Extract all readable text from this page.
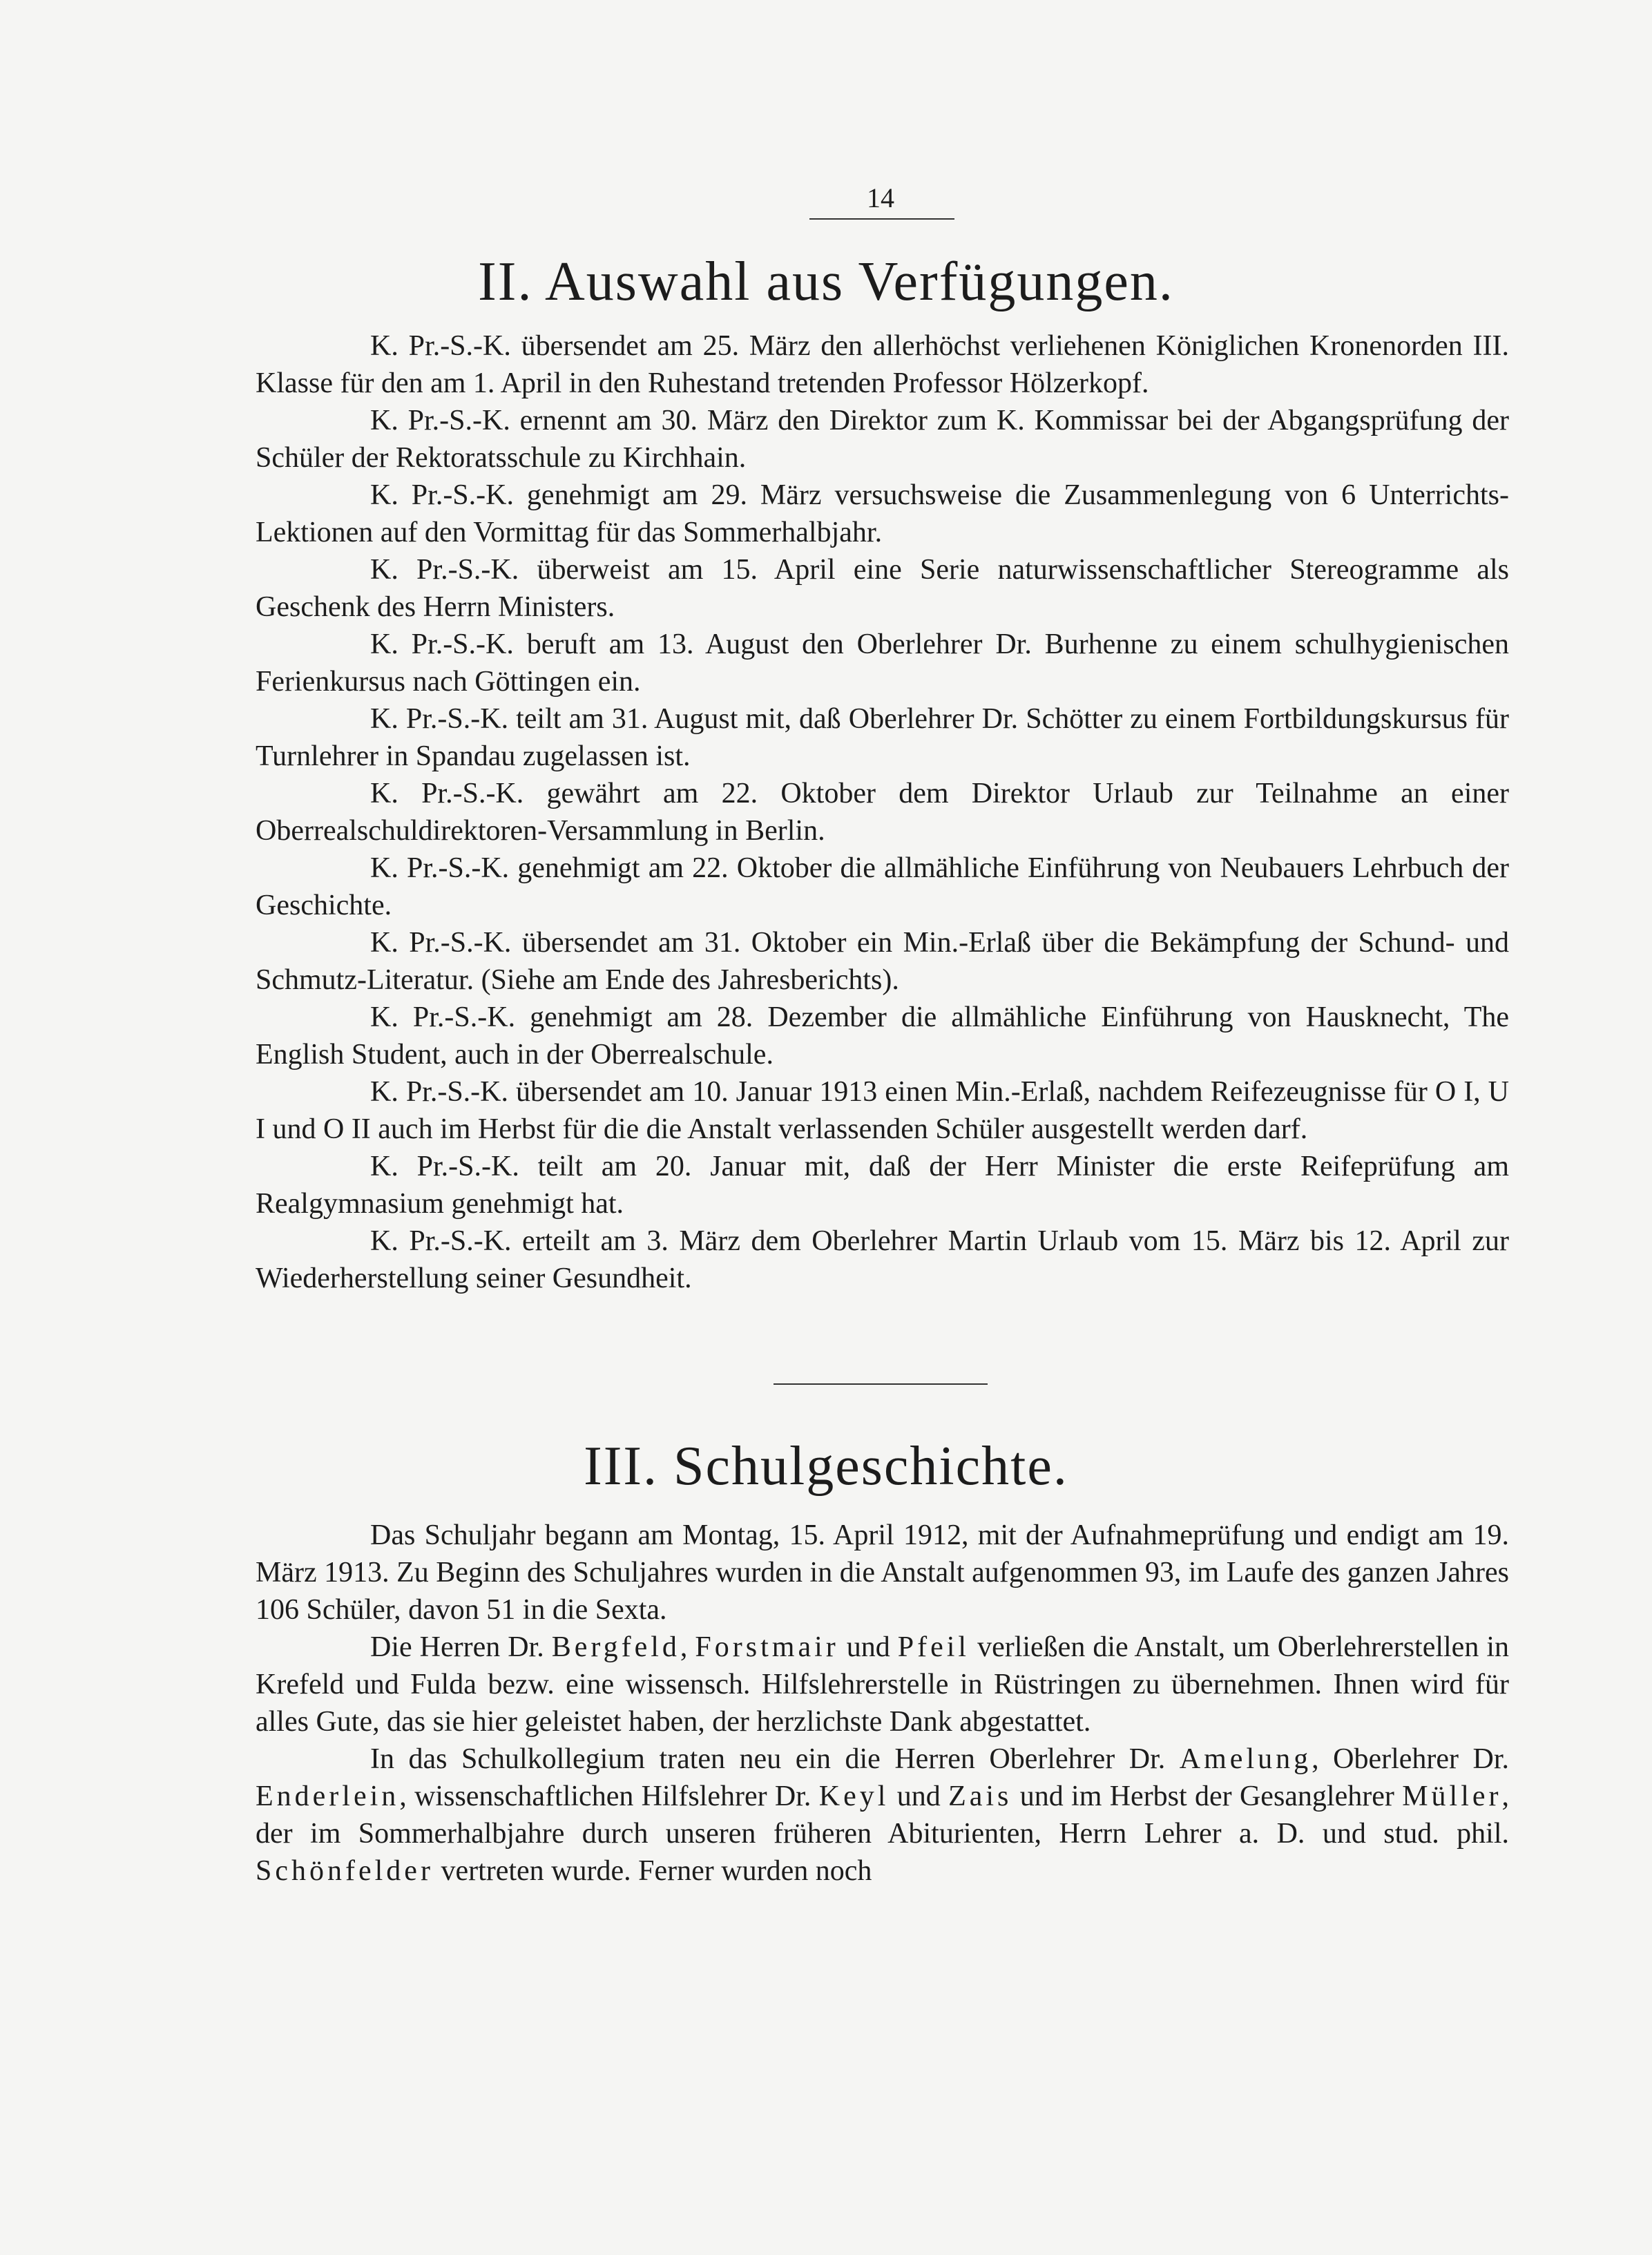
14
II. Auswahl aus Verfügungen.

K. Pr.-S.-K. übersendet am 25. März den allerhöchst verliehenen Königlichen Kronenorden III. Klasse für den am 1. April in den Ruhestand tretenden Professor Hölzerkopf.

K. Pr.-S.-K. ernennt am 30. März den Direktor zum K. Kommissar bei der Abgangsprüfung der Schüler der Rektoratsschule zu Kirchhain.

K. Pr.-S.-K. genehmigt am 29. März versuchsweise die Zusammenlegung von 6 Unterrichts-Lektionen auf den Vormittag für das Sommerhalbjahr.

K. Pr.-S.-K. überweist am 15. April eine Serie naturwissenschaftlicher Stereogramme als Geschenk des Herrn Ministers.

K. Pr.-S.-K. beruft am 13. August den Oberlehrer Dr. Burhenne zu einem schulhygienischen Ferienkursus nach Göttingen ein.

K. Pr.-S.-K. teilt am 31. August mit, daß Oberlehrer Dr. Schötter zu einem Fortbildungskursus für Turnlehrer in Spandau zugelassen ist.

K. Pr.-S.-K. gewährt am 22. Oktober dem Direktor Urlaub zur Teilnahme an einer Oberrealschuldirektoren-Versammlung in Berlin.

K. Pr.-S.-K. genehmigt am 22. Oktober die allmähliche Einführung von Neubauers Lehrbuch der Geschichte.

K. Pr.-S.-K. übersendet am 31. Oktober ein Min.-Erlaß über die Bekämpfung der Schund- und Schmutz-Literatur. (Siehe am Ende des Jahresberichts).

K. Pr.-S.-K. genehmigt am 28. Dezember die allmähliche Einführung von Hausknecht, The English Student, auch in der Oberrealschule.

K. Pr.-S.-K. übersendet am 10. Januar 1913 einen Min.-Erlaß, nachdem Reifezeugnisse für O I, U I und O II auch im Herbst für die die Anstalt verlassenden Schüler ausgestellt werden darf.

K. Pr.-S.-K. teilt am 20. Januar mit, daß der Herr Minister die erste Reifeprüfung am Realgymnasium genehmigt hat.

K. Pr.-S.-K. erteilt am 3. März dem Oberlehrer Martin Urlaub vom 15. März bis 12. April zur Wiederherstellung seiner Gesundheit.

III. Schulgeschichte.

Das Schuljahr begann am Montag, 15. April 1912, mit der Aufnahmeprüfung und endigt am 19. März 1913. Zu Beginn des Schuljahres wurden in die Anstalt aufgenommen 93, im Laufe des ganzen Jahres 106 Schüler, davon 51 in die Sexta.

Die Herren Dr. Bergfeld, Forstmair und Pfeil verließen die Anstalt, um Oberlehrerstellen in Krefeld und Fulda bezw. eine wissensch. Hilfslehrerstelle in Rüstringen zu übernehmen. Ihnen wird für alles Gute, das sie hier geleistet haben, der herzlichste Dank abgestattet.

In das Schulkollegium traten neu ein die Herren Oberlehrer Dr. Amelung, Oberlehrer Dr. Enderlein, wissenschaftlichen Hilfslehrer Dr. Keyl und Zais und im Herbst der Gesanglehrer Müller, der im Sommerhalbjahre durch unseren früheren Abiturienten, Herrn Lehrer a. D. und stud. phil. Schönfelder vertreten wurde. Ferner wurden noch
